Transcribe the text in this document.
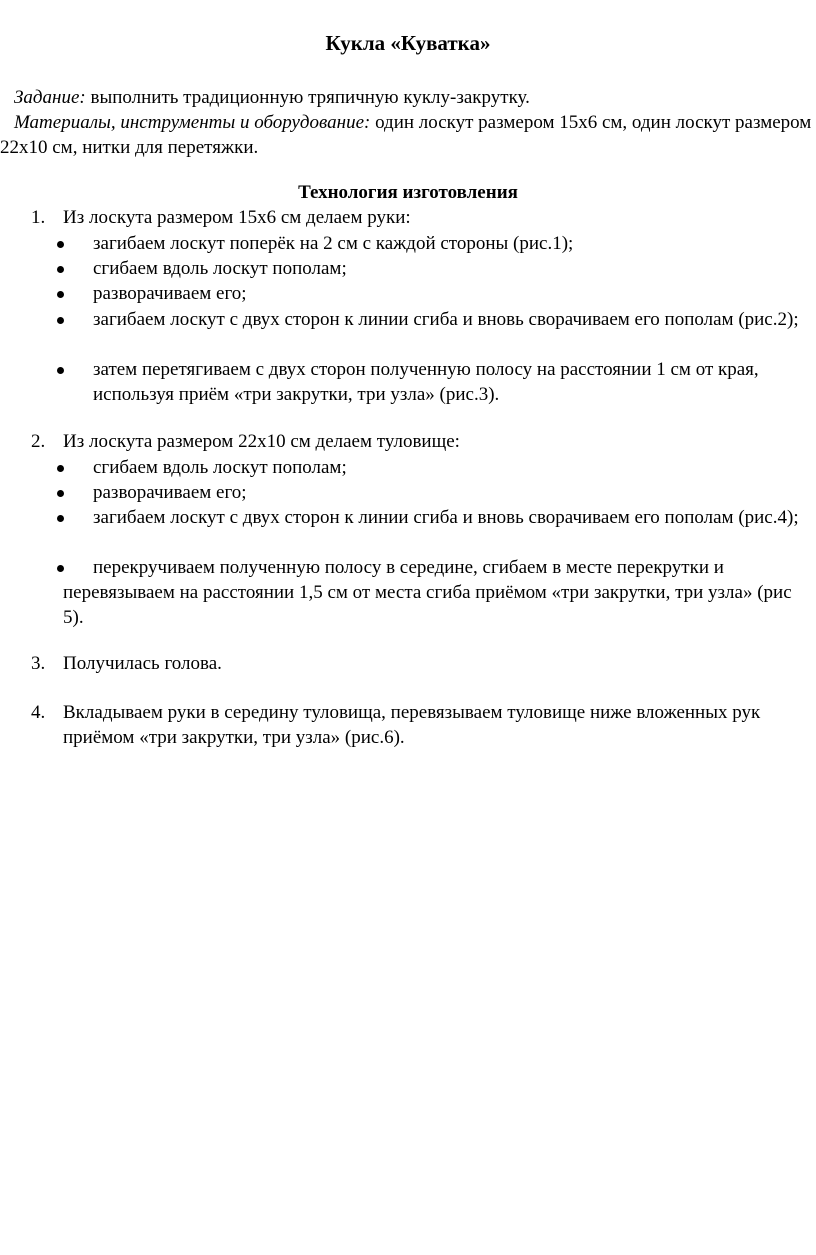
Кукла «Куватка»
Задание: выполнить традиционную тряпичную куклу-закрутку.
Материалы, инструменты и оборудование: один лоскут размером 15х6 см, один лоскут размером 22х10 см, нитки для перетяжки.
Технология изготовления
1. Из лоскута размером 15х6 см делаем руки:
загибаем лоскут поперёк на 2 см с каждой стороны (рис.1);
сгибаем вдоль лоскут пополам;
разворачиваем его;
загибаем лоскут с двух сторон к линии сгиба и вновь сворачиваем его пополам (рис.2);
затем перетягиваем с двух сторон полученную полосу на расстоянии 1 см от края, используя приём «три закрутки, три узла» (рис.3).
2. Из лоскута размером 22х10 см делаем туловище:
сгибаем вдоль лоскут пополам;
разворачиваем его;
загибаем лоскут с двух сторон к линии сгиба и вновь сворачиваем его пополам (рис.4);
перекручиваем полученную полосу в середине, сгибаем в месте перекрутки и перевязываем на расстоянии 1,5 см от места сгиба приёмом «три закрутки, три узла» (рис 5).
3. Получилась голова.
4. Вкладываем руки в середину туловища, перевязываем туловище ниже вложенных рук приёмом «три закрутки, три узла» (рис.6).
